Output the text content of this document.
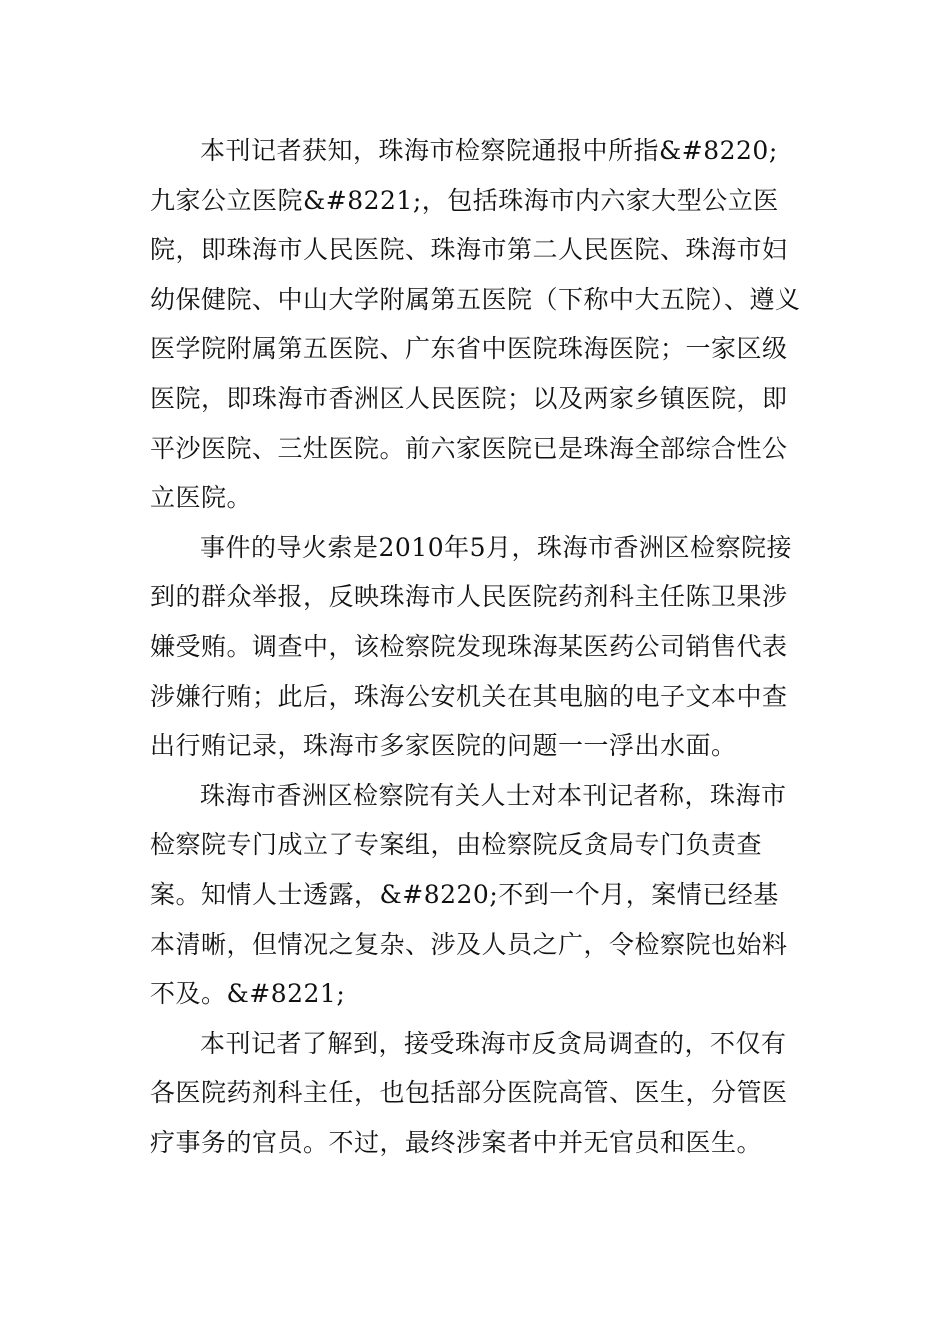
本刊记者获知，珠海市检察院通报中所指&#8220;九家公立医院&#8221;，包括珠海市内六家大型公立医院，即珠海市人民医院、珠海市第二人民医院、珠海市妇幼保健院、中山大学附属第五医院（下称中大五院）、遵义医学院附属第五医院、广东省中医院珠海医院；一家区级医院，即珠海市香洲区人民医院；以及两家乡镇医院，即平沙医院、三灶医院。前六家医院已是珠海全部综合性公立医院。

事件的导火索是2010年5月，珠海市香洲区检察院接到的群众举报，反映珠海市人民医院药剂科主任陈卫果涉嫌受贿。调查中，该检察院发现珠海某医药公司销售代表涉嫌行贿；此后，珠海公安机关在其电脑的电子文本中查出行贿记录，珠海市多家医院的问题一一浮出水面。

珠海市香洲区检察院有关人士对本刊记者称，珠海市检察院专门成立了专案组，由检察院反贪局专门负责查案。知情人士透露，&#8220;不到一个月，案情已经基本清晰，但情况之复杂、涉及人员之广，令检察院也始料不及。&#8221;

本刊记者了解到，接受珠海市反贪局调查的，不仅有各医院药剂科主任，也包括部分医院高管、医生，分管医疗事务的官员。不过，最终涉案者中并无官员和医生。
